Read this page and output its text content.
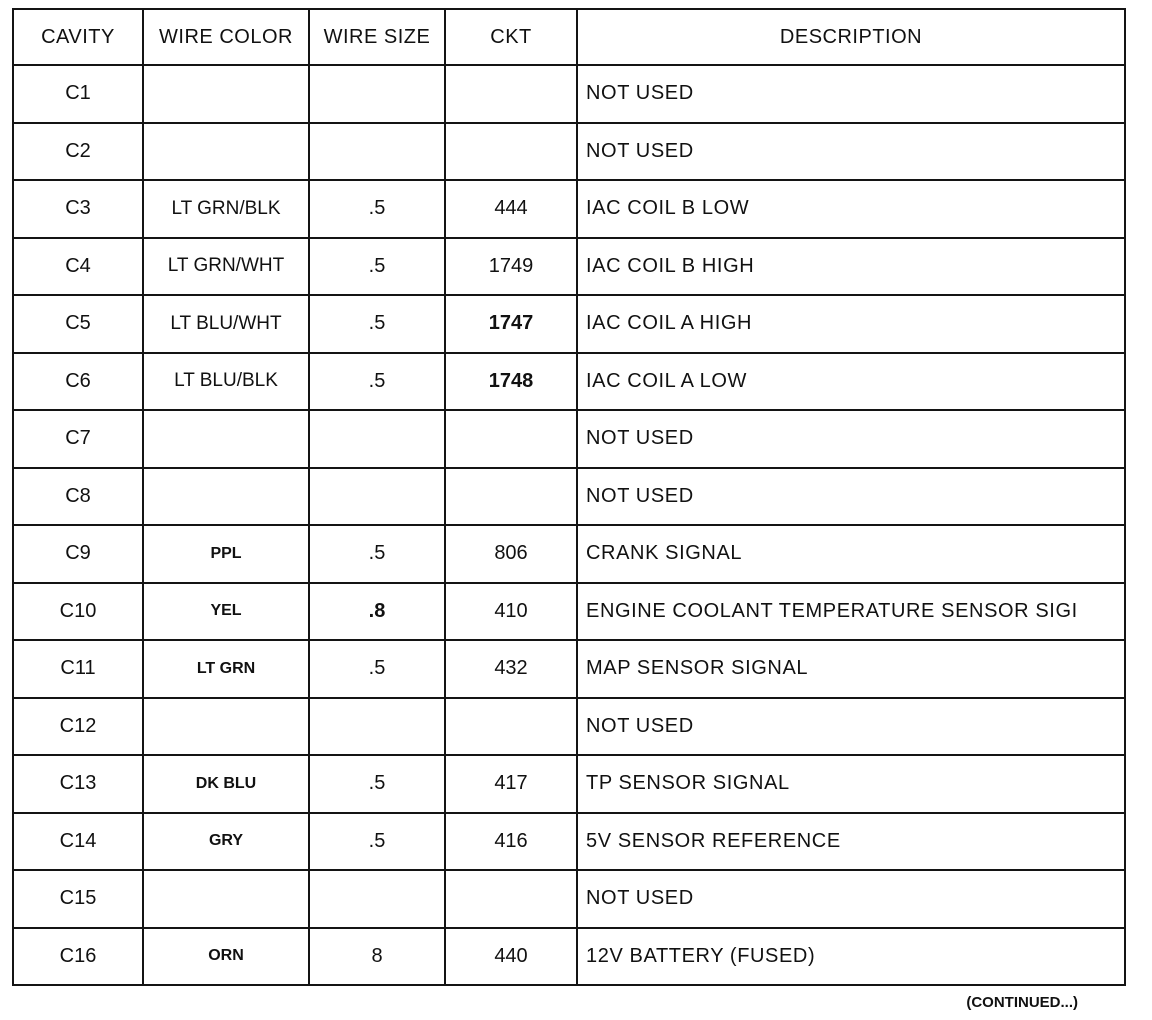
CAVITY	WIRE COLOR	WIRE SIZE	CKT	DESCRIPTION
C1				NOT USED
C2				NOT USED
C3	LT GRN/BLK	.5	444	IAC COIL B LOW
C4	LT GRN/WHT	.5	1749	IAC COIL B HIGH
C5	LT BLU/WHT	.5	1747	IAC COIL A HIGH
C6	LT BLU/BLK	.5	1748	IAC COIL A LOW
C7				NOT USED
C8				NOT USED
C9	PPL	.5	806	CRANK SIGNAL
C10	YEL	.8	410	ENGINE COOLANT TEMPERATURE SENSOR SIGI
C11	LT GRN	.5	432	MAP SENSOR SIGNAL
C12				NOT USED
C13	DK BLU	.5	417	TP SENSOR SIGNAL
C14	GRY	.5	416	5V SENSOR REFERENCE
C15				NOT USED
C16	ORN	8	440	12V BATTERY (FUSED)
(CONTINUED...)
